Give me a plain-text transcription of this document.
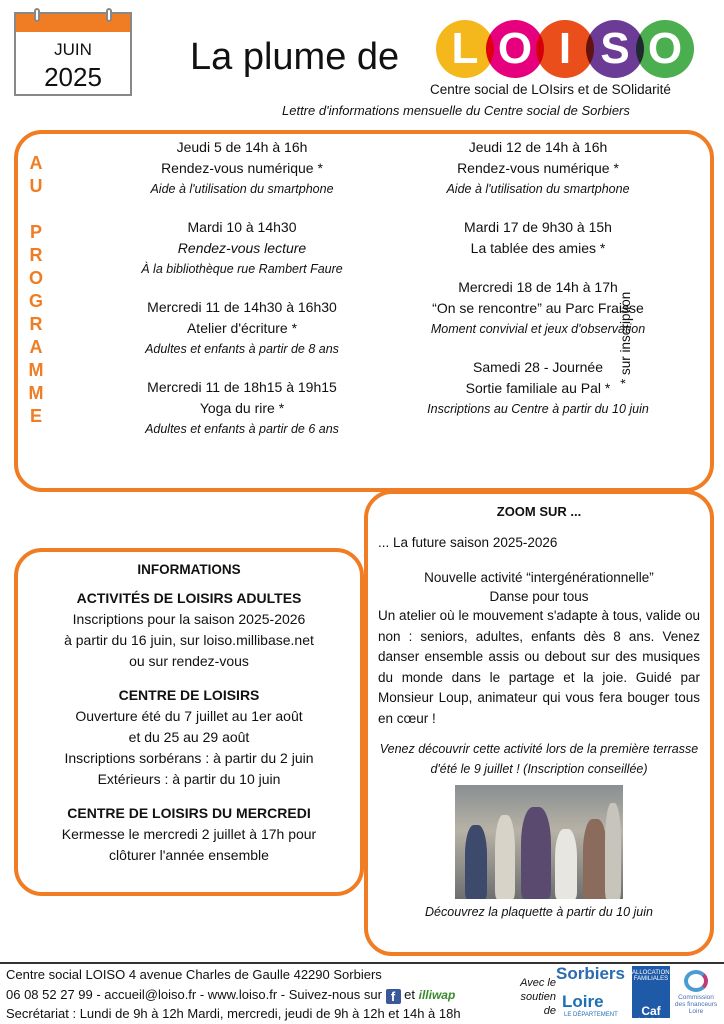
JUIN
2025	La plume de	L O I S O
Centre social de LOIsirs et de SOlidarité
Lettre d'informations mensuelle du Centre social de Sorbiers
A
U
P
R
O
G
R
A
M
M
E
Jeudi 5 de 14h à 16h
Rendez-vous numérique *
Aide à l'utilisation du smartphone
Mardi 10 à 14h30
Rendez-vous lecture
À la bibliothèque rue Rambert Faure
Mercredi 11 de 14h30 à 16h30
Atelier d'écriture *
Adultes et enfants à partir de 8 ans
Mercredi 11 de 18h15 à 19h15
Yoga du rire *
Adultes et enfants à partir de 6 ans
Jeudi 12 de 14h à 16h
Rendez-vous numérique *
Aide à l'utilisation du smartphone
Mardi 17 de 9h30 à 15h
La tablée des amies *
Mercredi 18 de 14h à 17h
“On se rencontre” au Parc Fraisse
Moment convivial et jeux d'observation
Samedi 28 - Journée
Sortie familiale au Pal *
Inscriptions au Centre à partir du 10 juin
* sur inscription
INFORMATIONS
ACTIVITÉS DE LOISIRS ADULTES

Inscriptions pour la saison 2025-2026

à partir du 16 juin, sur loiso.millibase.net

ou sur rendez-vous

CENTRE DE LOISIRS

Ouverture été du 7 juillet au 1er août

et du 25 au 29 août

Inscriptions sorbérans : à partir du 2 juin

Extérieurs : à partir du 10 juin

CENTRE DE LOISIRS DU MERCREDI

Kermesse le mercredi 2 juillet à 17h pour

clôturer l'année ensemble

ZOOM SUR ...
... La future saison 2025-2026
Nouvelle activité “intergénérationnelle”
Danse pour tous
Un atelier où le mouvement s'adapte à tous, valide ou non : seniors, adultes, enfants dès 8 ans. Venez danser ensemble assis ou debout sur des musiques du monde dans le partage et la joie. Guidé par Monsieur Loup, animateur qui vous fera bouger tous en cœur !
Venez découvrir cette activité lors de la première terrasse d'été le 9 juillet ! (Inscription conseillée)
Découvrez la plaquette à partir du 10 juin
Centre social LOISO 4 avenue Charles de Gaulle 42290 Sorbiers
06 08 52 27 99 - accueil@loiso.fr - www.loiso.fr - Suivez-nous sur f et illiwap
Secrétariat : Lundi de 9h à 12h Mardi, mercredi, jeudi de 9h à 12h et 14h à 18h
Avec le soutien de
Sorbiers
Loire
LE DÉPARTEMENT
ALLOCATIONS FAMILIALES
Caf
de la Loire
Commission des financeurs Loire
